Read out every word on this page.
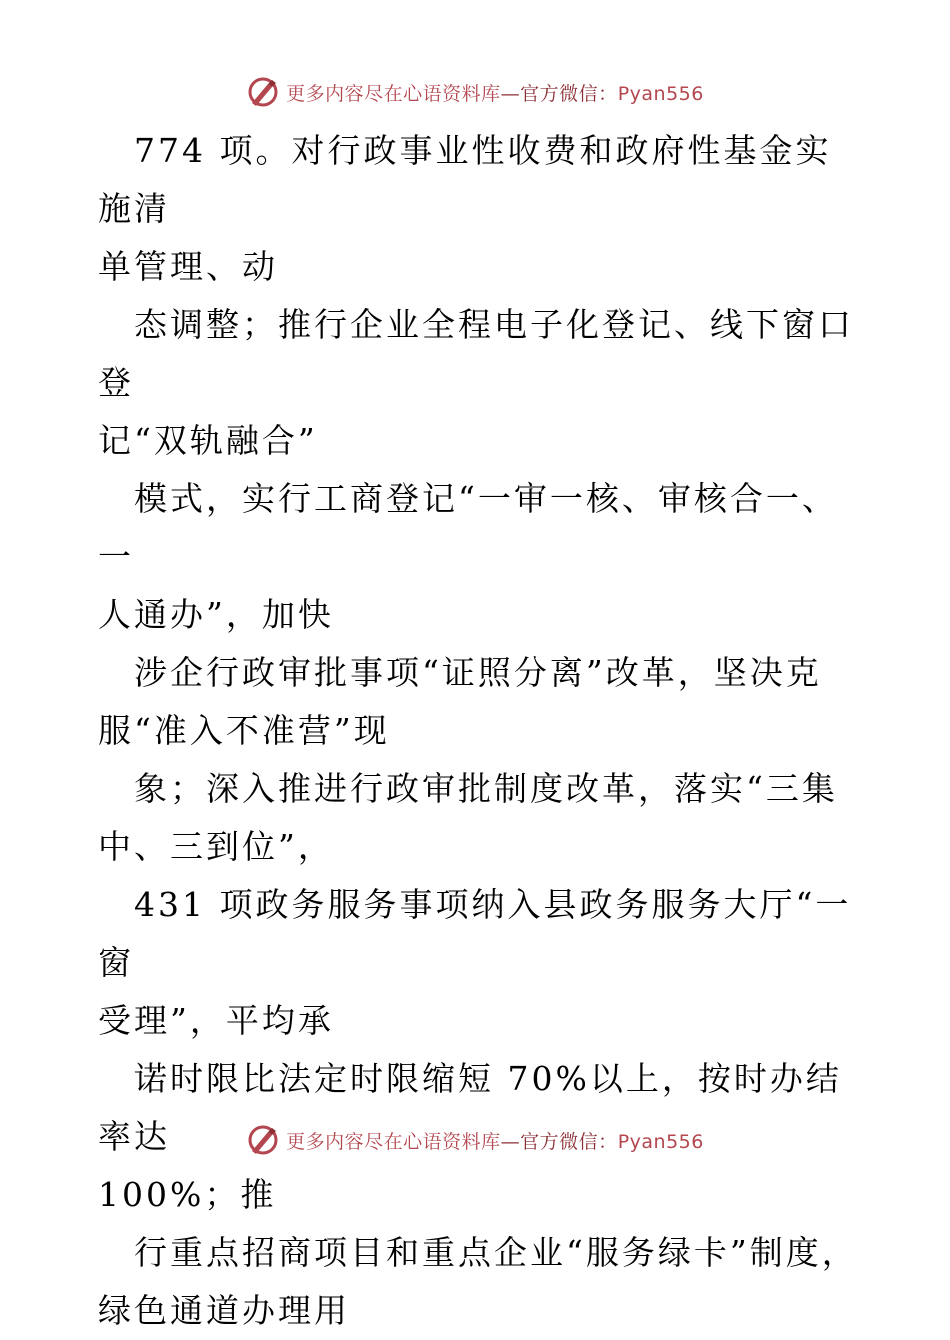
更多内容尽在心语资料库—官方微信：Pyan556

774 项。对行政事业性收费和政府性基金实施清
单管理、动

态调整；推行企业全程电子化登记、线下窗口登
记“双轨融合”

模式，实行工商登记“一审一核、审核合一、一
人通办”，加快

涉企行政审批事项“证照分离”改革，坚决克
服“准入不准营”现

象；深入推进行政审批制度改革，落实“三集
中、三到位”，

431 项政务服务事项纳入县政务服务大厅“一窗
受理”，平均承

诺时限比法定时限缩短 70%以上，按时办结率达
100%；推

行重点招商项目和重点企业“服务绿卡”制度，
绿色通道办理用

更多内容尽在心语资料库—官方微信：Pyan556
